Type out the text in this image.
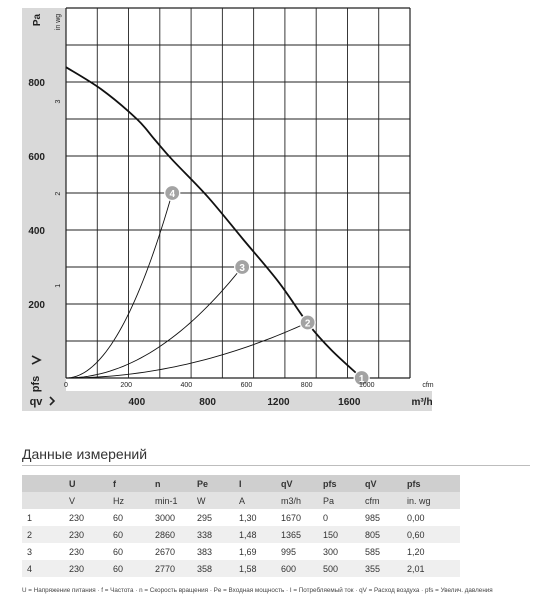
1
2
3
4
200
400
600
800
1
2
3
Pa in wg
pfs	0	200	400	600	800	1000	cfm
400	800	1200	1600	m³/h
qv
Данные измерений
	U	f	n	Pe	I	qV	pfs	qV	pfs
	V	Hz	min-1	W	A	m3/h	Pa	cfm	in. wg
1	230	60	3000	295	1,30	1670	0	985	0,00
2	230	60	2860	338	1,48	1365	150	805	0,60
3	230	60	2670	383	1,69	995	300	585	1,20
4	230	60	2770	358	1,58	600	500	355	2,01
U = Напряжение питания · f = Частота · n = Скорость вращения · Pe = Входная мощность · I = Потребляемый ток · qV = Расход воздуха · pfs = Увелич. давления
